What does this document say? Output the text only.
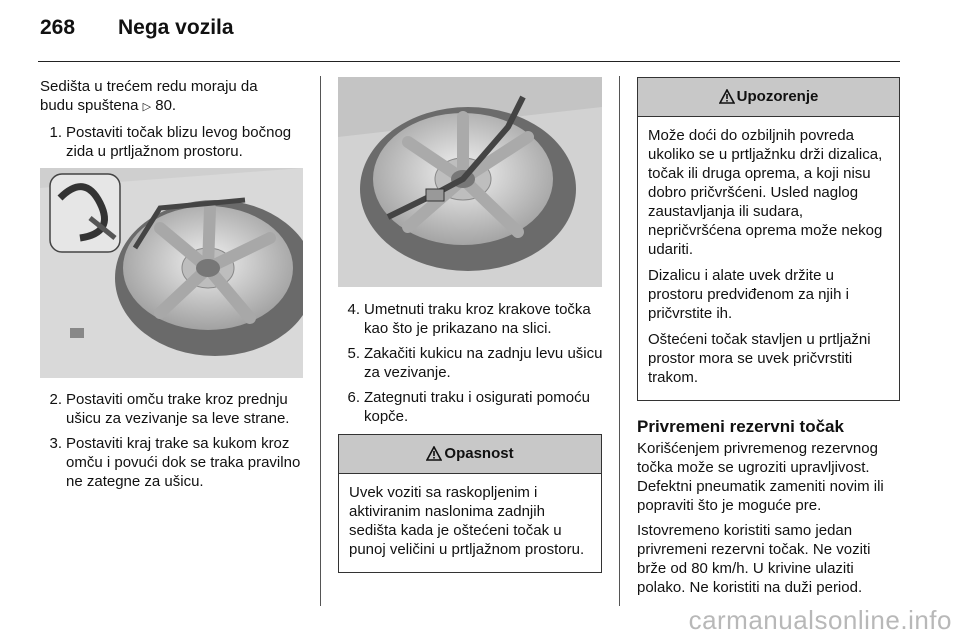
268 Nega vozila

Sedišta u trećem redu moraju da
budu spuštena ▷ 80.

1. Postaviti točak blizu levog bočnog zida u prtljažnom prostoru.
2. Postaviti omču trake kroz prednju ušicu za vezivanje sa leve strane.
3. Postaviti kraj trake sa kukom kroz omču i povući dok se traka pravilno ne zategne za ušicu.
4. Umetnuti traku kroz krakove točka kao što je prikazano na slici.
5. Zakačiti kukicu na zadnju levu ušicu za vezivanje.
6. Zategnuti traku i osigurati pomoću kopče.
Opasnost

Uvek voziti sa raskopljenim i aktiviranim naslonima zadnjih sedišta kada je oštećeni točak u punoj veličini u prtljažnom prostoru.

Upozorenje

Može doći do ozbiljnih povreda ukoliko se u prtljažnku drži dizalica, točak ili druga oprema, a koji nisu dobro pričvršćeni. Usled naglog zaustavljanja ili sudara, nepričvršćena oprema može nekog udariti.

Dizalicu i alate uvek držite u prostoru predviđenom za njih i pričvrstite ih.

Oštećeni točak stavljen u prtljažni prostor mora se uvek pričvrstiti trakom.

Privremeni rezervni točak

Korišćenjem privremenog rezervnog točka može se ugroziti upravljivost. Defektni pneumatik zameniti novim ili popraviti što je moguće pre.

Istovremeno koristiti samo jedan privremeni rezervni točak. Ne voziti brže od 80 km/h. U krivine ulaziti polako. Ne koristiti na duži period.

carmanualsonline.info
